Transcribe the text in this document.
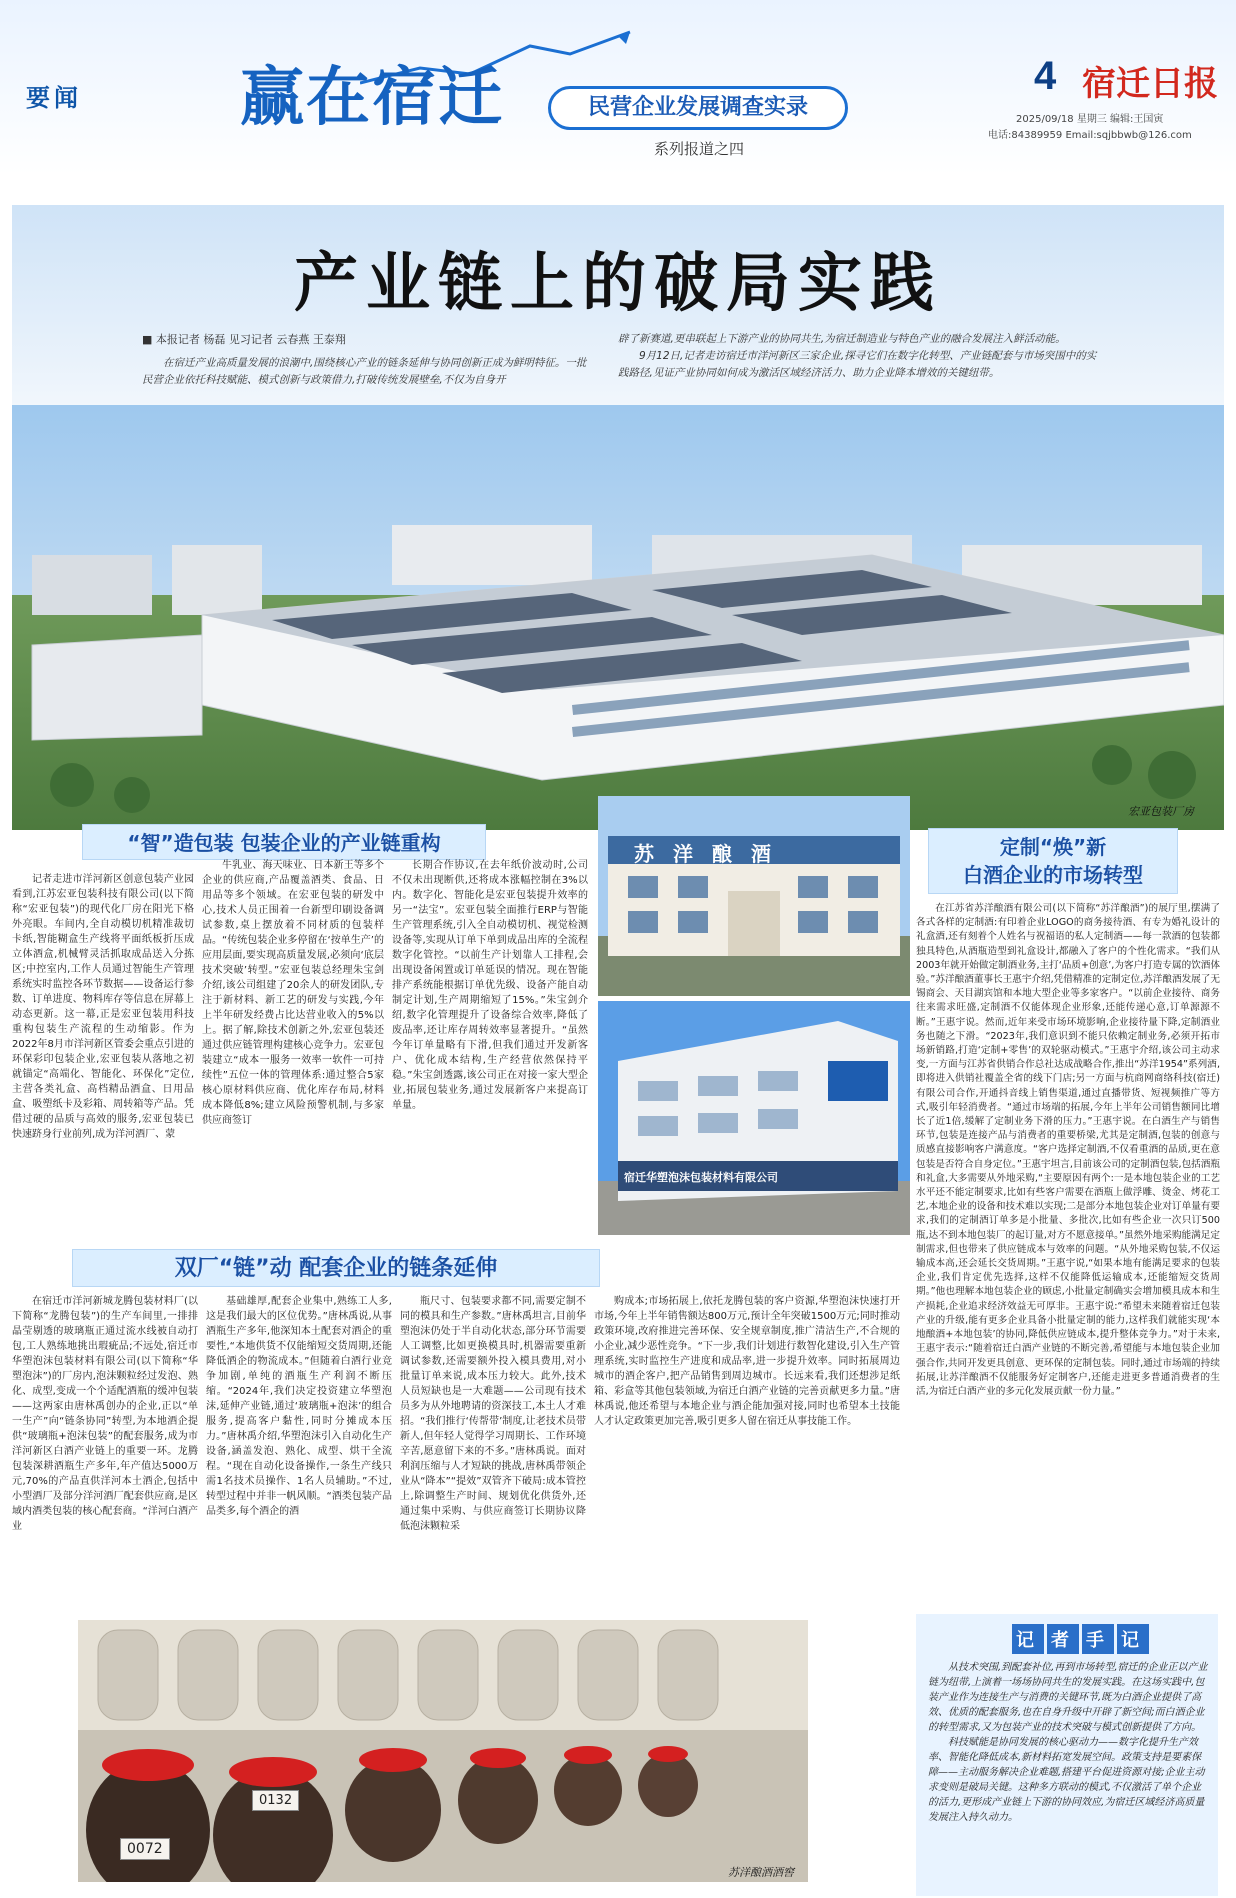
要闻 赢在宿迁	民营企业发展调查实录
系列报道之四
4 宿迁日报
2025/09/18 星期三 编辑:王国寅
电话:84389959 Email:sqjbbwb@126.com
产业链上的破局实践
■ 本报记者 杨磊 见习记者 云春燕 王泰翔
在宿迁产业高质量发展的浪潮中,围绕核心产业的链条延伸与协同创新正成为鲜明特征。一批民营企业依托科技赋能、模式创新与政策借力,打破传统发展壁垒,不仅为自身开

辟了新赛道,更串联起上下游产业的协同共生,为宿迁制造业与特色产业的融合发展注入鲜活动能。

9月12日,记者走访宿迁市洋河新区三家企业,探寻它们在数字化转型、产业链配套与市场突围中的实践路径,见证产业协同如何成为激活区域经济活力、助力企业降本增效的关键纽带。

宏亚包装厂房
“智”造包装 包装企业的产业链重构

记者走进市洋河新区创意包装产业园看到,江苏宏亚包装科技有限公司(以下简称“宏亚包装”)的现代化厂房在阳光下格外亮眼。车间内,全自动模切机精准裁切卡纸,智能糊盒生产线将平面纸板折压成立体酒盒,机械臂灵活抓取成品送入分拣区;中控室内,工作人员通过智能生产管理系统实时监控各环节数据——设备运行参数、订单进度、物料库存等信息在屏幕上动态更新。这一幕,正是宏亚包装用科技重构包装生产流程的生动缩影。作为2022年8月市洋河新区管委会重点引进的环保彩印包装企业,宏亚包装从落地之初就锚定“高端化、智能化、环保化”定位,主营各类礼盒、高档精品酒盒、日用品盒、吸塑纸卡及彩箱、周转箱等产品。凭借过硬的品质与高效的服务,宏亚包装已快速跻身行业前列,成为洋河酒厂、蒙

牛乳业、海天味业、日本新王等多个企业的供应商,产品覆盖酒类、食品、日用品等多个领域。在宏亚包装的研发中心,技术人员正围着一台新型印刷设备调试参数,桌上摆放着不同材质的包装样品。“传统包装企业多停留在‘按单生产’的应用层面,要实现高质量发展,必须向‘底层技术突破’转型。”宏亚包装总经理朱宝剑介绍,该公司组建了20余人的研发团队,专注于新材料、新工艺的研发与实践,今年上半年研发经费占比达营业收入的5%以上。据了解,除技术创新之外,宏亚包装还通过供应链管理构建核心竞争力。宏亚包装建立“成本一服务一效率一软件一可持续性”五位一体的管理体系:通过整合5家核心原材料供应商、优化库存布局,材料成本降低8%;建立风险预警机制,与多家供应商签订

长期合作协议,在去年纸价波动时,公司不仅未出现断供,还将成本涨幅控制在3%以内。数字化、智能化是宏亚包装提升效率的另一“法宝”。宏亚包装全面推行ERP与智能生产管理系统,引入全自动模切机、视觉检测设备等,实现从订单下单到成品出库的全流程数字化管控。“以前生产计划靠人工排程,会出现设备闲置或订单延误的情况。现在智能排产系统能根据订单优先级、设备产能自动制定计划,生产周期缩短了15%。”朱宝剑介绍,数字化管理提升了设备综合效率,降低了废品率,还让库存周转效率显著提升。“虽然今年订单量略有下滑,但我们通过开发新客户、优化成本结构,生产经营依然保持平稳。”朱宝剑透露,该公司正在对接一家大型企业,拓展包装业务,通过发展新客户来提高订单量。

苏 洋 酿 酒
宿迁华塑泡沫包装材料有限公司
双厂“链”动 配套企业的链条延伸

在宿迁市洋河新城龙腾包装材料厂(以下简称“龙腾包装”)的生产车间里,一排排晶莹剔透的玻璃瓶正通过流水线被自动打包,工人熟练地挑出瑕疵品;不远处,宿迁市华塑泡沫包装材料有限公司(以下简称“华塑泡沫”)的厂房内,泡沫颗粒经过发泡、熟化、成型,变成一个个适配酒瓶的缓冲包装——这两家由唐林禹创办的企业,正以“单一生产”向“链条协同”转型,为本地酒企提供“玻璃瓶+泡沫包装”的配套服务,成为市洋河新区白酒产业链上的重要一环。龙腾包装深耕酒瓶生产多年,年产值达5000万元,70%的产品直供洋河本土酒企,包括中小型酒厂及部分洋河酒厂配套供应商,是区域内酒类包装的核心配套商。“洋河白酒产业

基础雄厚,配套企业集中,熟练工人多,这是我们最大的区位优势。”唐林禹说,从事酒瓶生产多年,他深知本土配套对酒企的重要性,“本地供货不仅能缩短交货周期,还能降低酒企的物流成本。”但随着白酒行业竞争加剧,单纯的酒瓶生产利润不断压缩。“2024年,我们决定投资建立华塑泡沫,延伸产业链,通过‘玻璃瓶+泡沫’的组合服务,提高客户黏性,同时分摊成本压力。”唐林禹介绍,华塑泡沫引入自动化生产设备,涵盖发泡、熟化、成型、烘干全流程。“现在自动化设备操作,一条生产线只需1名技术员操作、1名人员辅助。”不过,转型过程中并非一帆风顺。“酒类包装产品品类多,每个酒企的酒

瓶尺寸、包装要求都不同,需要定制不同的模具和生产参数。”唐林禹坦言,目前华塑泡沫仍处于半自动化状态,部分环节需要人工调整,比如更换模具时,机器需要重新调试参数,还需要额外投入模具费用,对小批量订单来说,成本压力较大。此外,技术人员短缺也是一大难题——公司现有技术员多为从外地聘请的资深技工,本土人才难招。“我们推行‘传帮带’制度,让老技术员带新人,但年轻人觉得学习周期长、工作环境辛苦,愿意留下来的不多。”唐林禹说。面对利润压缩与人才短缺的挑战,唐林禹带领企业从“降本”“提效”双管齐下破局:成本管控上,除调整生产时间、规划优化供货外,还通过集中采购、与供应商签订长期协议降低泡沫颗粒采

购成本;市场拓展上,依托龙腾包装的客户资源,华塑泡沫快速打开市场,今年上半年销售额达800万元,预计全年突破1500万元;同时推动政策环境,改府推进完善环保、安全规章制度,推广清洁生产,不合规的小企业,减少恶性竞争。“下一步,我们计划进行数智化建设,引入生产管理系统,实时监控生产进度和成品率,进一步提升效率。同时拓展周边城市的酒企客户,把产品销售到周边城市。长远来看,我们还想涉足纸箱、彩盒等其他包装领域,为宿迁白酒产业链的完善贡献更多力量。”唐林禹说,他还希望与本地企业与酒企能加强对接,同时也希望本土技能人才认定政策更加完善,吸引更多人留在宿迁从事技能工作。

定制“焕”新
白酒企业的市场转型

在江苏省苏洋酿酒有限公司(以下简称“苏洋酿酒”)的展厅里,摆满了各式各样的定制酒:有印着企业LOGO的商务接待酒、有专为婚礼设计的礼盒酒,还有刻着个人姓名与祝福语的私人定制酒——每一款酒的包装都独具特色,从酒瓶造型到礼盒设计,都融入了客户的个性化需求。“我们从2003年就开始做定制酒业务,主打‘品质+创意’,为客户打造专属的饮酒体验。”苏洋酿酒董事长王惠宇介绍,凭借精准的定制定位,苏洋酿酒发展了无锡商会、天目湖宾馆和本地大型企业等多家客户。“以前企业接待、商务往来需求旺盛,定制酒不仅能体现企业形象,还能传递心意,订单源源不断。”王惠宇说。然而,近年来受市场环境影响,企业接待量下降,定制酒业务也随之下滑。“2023年,我们意识到不能只依赖定制业务,必须开拓市场新销路,打造‘定制+零售’的双轮驱动模式。”王惠宇介绍,该公司主动求变,一方面与江苏省供销合作总社达成战略合作,推出“苏洋1954”系列酒,即将进入供销社覆盖全省的线下门店;另一方面与杭商网商络科技(宿迁)有限公司合作,开通抖音线上销售渠道,通过直播带货、短视频推广等方式,吸引年轻消费者。“通过市场端的拓展,今年上半年公司销售额同比增长了近1倍,缓解了定制业务下滑的压力。”王惠宇说。在白酒生产与销售环节,包装是连接产品与消费者的重要桥梁,尤其是定制酒,包装的创意与质感直接影响客户满意度。“客户选择定制酒,不仅看重酒的品质,更在意包装是否符合自身定位。”王惠宇坦言,目前该公司的定制酒包装,包括酒瓶和礼盒,大多需要从外地采购,“主要原因有两个:一是本地包装企业的工艺水平还不能定制要求,比如有些客户需要在酒瓶上做浮雕、烫金、烤花工艺,本地企业的设备和技术难以实现;二是部分本地包装企业对订单量有要求,我们的定制酒订单多是小批量、多批次,比如有些企业一次只订500瓶,达不到本地包装厂的起订量,对方不愿意接单。”虽然外地采购能满足定制需求,但也带来了供应链成本与效率的问题。“从外地采购包装,不仅运输成本高,还会延长交货周期。”王惠宇说,“如果本地有能满足要求的包装企业,我们肯定优先选择,这样不仅能降低运输成本,还能缩短交货周期。”他也理解本地包装企业的顾虑,小批量定制确实会增加模具成本和生产损耗,企业追求经济效益无可厚非。王惠宇说:“希望未来随着宿迁包装产业的升级,能有更多企业具备小批量定制的能力,这样我们就能实现‘本地酿酒+本地包装’的协同,降低供应链成本,提升整体竞争力。”对于未来,王惠宇表示:“随着宿迁白酒产业链的不断完善,希望能与本地包装企业加强合作,共同开发更具创意、更环保的定制包装。同时,通过市场端的持续拓展,让苏洋酿酒不仅能服务好定制客户,还能走进更多普通消费者的生活,为宿迁白酒产业的多元化发展贡献一份力量。”

0072
0132
苏洋酿酒酒窖
记 者 手 记

从技术突围,到配套补位,再到市场转型,宿迁的企业正以产业链为纽带,上演着一场场协同共生的发展实践。在这场实践中,包装产业作为连接生产与消费的关键环节,既为白酒企业提供了高效、优质的配套服务,也在自身升级中开辟了新空间;而白酒企业的转型需求,又为包装产业的技术突破与模式创新提供了方向。

科技赋能是协同发展的核心驱动力——数字化提升生产效率、智能化降低成本,新材料拓宽发展空间。政策支持是要素保障——主动服务解决企业难题,搭建平台促进资源对接;企业主动求变则是破局关键。这种多方联动的模式,不仅激活了单个企业的活力,更形成产业链上下游的协同效应,为宿迁区域经济高质量发展注入持久动力。
